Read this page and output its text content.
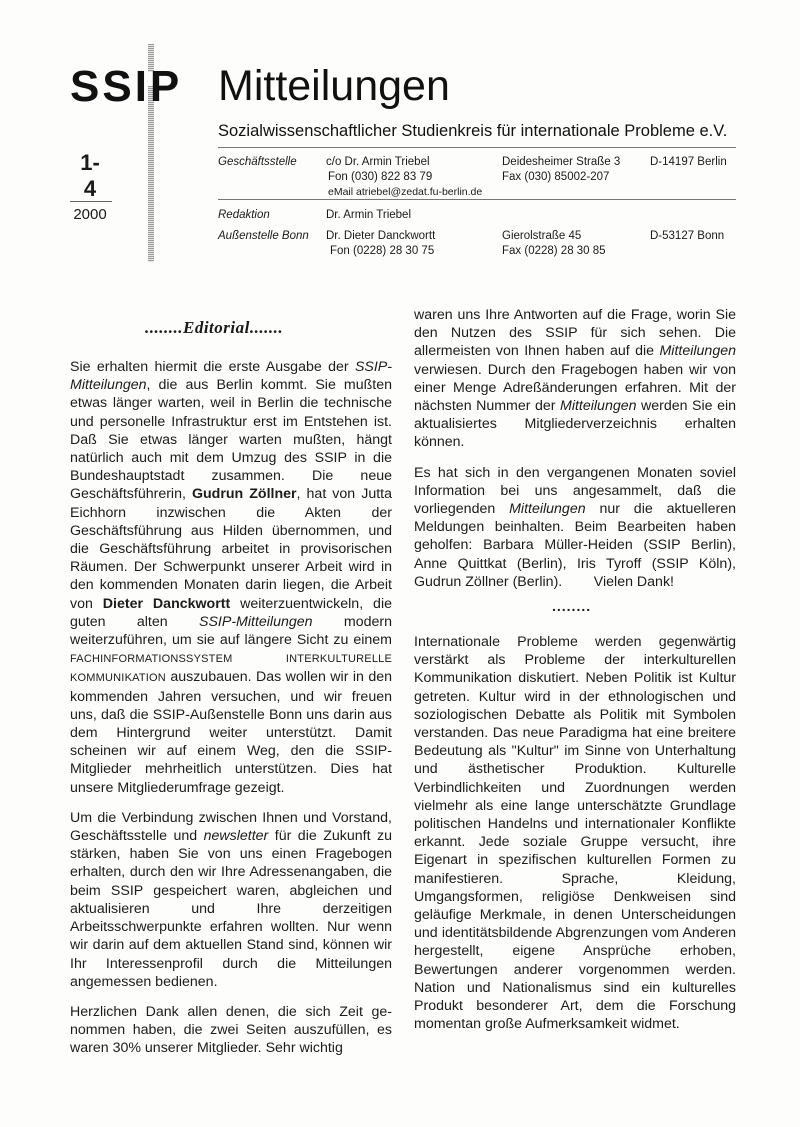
SSIP Mitteilungen
Sozialwissenschaftlicher Studienkreis für internationale Probleme e.V.
1-
4
2000
Geschäftsstelle	c/o Dr. Armin Triebel
Fon (030) 822 83 79
eMail atriebel@zedat.fu-berlin.de
Deidesheimer Straße 3
Fax (030) 85002-207
D-14197 Berlin
Redaktion	Dr. Armin Triebel
Außenstelle Bonn Dr. Dieter Danckwortt
Fon (0228) 28 30 75
Gierolstraße 45
Fax (0228) 28 30 85
D-53127 Bonn
........Editorial.......

Sie erhalten hiermit die erste Ausgabe der SSIP-Mitteilungen, die aus Berlin kommt. Sie mußten etwas länger warten, weil in Berlin die technische und personelle Infrastruktur erst im Entstehen ist. Daß Sie etwas länger warten mußten, hängt natürlich auch mit dem Umzug des SSIP in die Bundeshauptstadt zusammen. Die neue Geschäftsführerin, Gudrun Zöllner, hat von Jutta Eichhorn inzwischen die Akten der Geschäftsführung aus Hilden übernommen, und die Geschäftsführung arbeitet in provisorischen Räumen. Der Schwerpunkt unserer Arbeit wird in den kommenden Monaten darin liegen, die Arbeit von Dieter Danckwortt weiterzuentwickeln, die guten alten SSIP-Mitteilungen modern weiterzuführen, um sie auf längere Sicht zu einem FACHINFORMATIONSSYSTEM INTERKULTURELLE KOMMUNIKATION auszubauen. Das wollen wir in den kommenden Jahren versuchen, und wir freuen uns, daß die SSIP-Außenstelle Bonn uns darin aus dem Hintergrund weiter unterstützt. Damit scheinen wir auf einem Weg, den die SSIP-Mitglieder mehrheitlich unterstützen. Dies hat unsere Mitgliederumfrage gezeigt.

Um die Verbindung zwischen Ihnen und Vorstand, Geschäftsstelle und newsletter für die Zukunft zu stärken, haben Sie von uns einen Fragebogen erhalten, durch den wir Ihre Adressenangaben, die beim SSIP gespeichert waren, abgleichen und aktualisieren und Ihre derzeitigen Arbeitsschwerpunkte erfahren wollten. Nur wenn wir darin auf dem aktuellen Stand sind, können wir Ihr Interessenprofil durch die Mitteilungen angemessen bedienen.

Herzlichen Dank allen denen, die sich Zeit genommen haben, die zwei Seiten auszufüllen, es waren 30% unserer Mitglieder. Sehr wichtig

waren uns Ihre Antworten auf die Frage, worin Sie den Nutzen des SSIP für sich sehen. Die allermeisten von Ihnen haben auf die Mitteilungen verwiesen. Durch den Fragebogen haben wir von einer Menge Adreßänderungen erfahren. Mit der nächsten Nummer der Mitteilungen werden Sie ein aktualisiertes Mitgliederverzeichnis erhalten können.

Es hat sich in den vergangenen Monaten soviel Information bei uns angesammelt, daß die vorliegenden Mitteilungen nur die aktuelleren Meldungen beinhalten. Beim Bearbeiten haben geholfen: Barbara Müller-Heiden (SSIP Berlin), Anne Quittkat (Berlin), Iris Tyroff (SSIP Köln), Gudrun Zöllner (Berlin). Vielen Dank!

........

Internationale Probleme werden gegenwärtig verstärkt als Probleme der interkulturellen Kommunikation diskutiert. Neben Politik ist Kultur getreten. Kultur wird in der ethnologischen und soziologischen Debatte als Politik mit Symbolen verstanden. Das neue Paradigma hat eine breitere Bedeutung als "Kultur" im Sinne von Unterhaltung und ästhetischer Produktion. Kulturelle Verbindlichkeiten und Zuordnungen werden vielmehr als eine lange unterschätzte Grundlage politischen Handelns und internationaler Konflikte erkannt. Jede soziale Gruppe versucht, ihre Eigenart in spezifischen kulturellen Formen zu manifestieren. Sprache, Kleidung, Umgangsformen, religiöse Denkweisen sind geläufige Merkmale, in denen Unterscheidungen und identitätsbildende Abgrenzungen vom Anderen hergestellt, eigene Ansprüche erhoben, Bewertungen anderer vorgenommen werden. Nation und Nationalismus sind ein kulturelles Produkt besonderer Art, dem die Forschung momentan große Aufmerksamkeit widmet.
